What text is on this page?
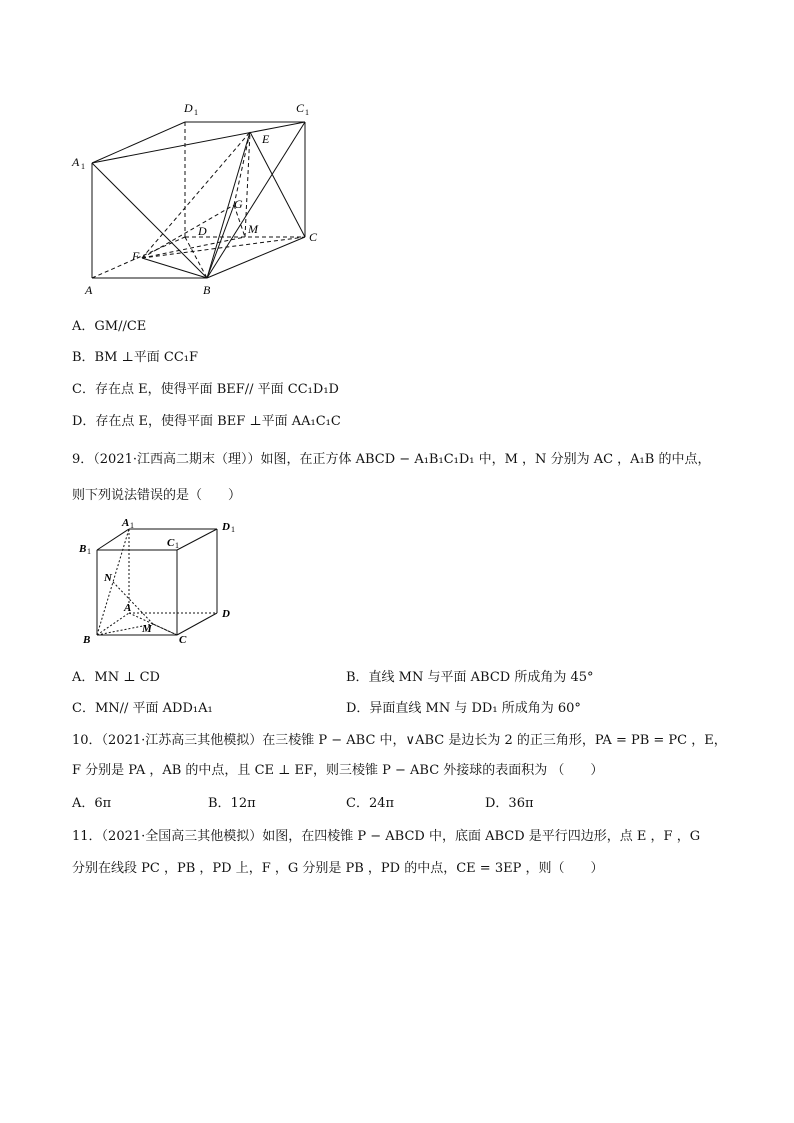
D 1	C 1
A 1
E
G
D	M
C
F
A	B
A．GM//CE
B．BM ⊥平面 CC₁F
C．存在点 E，使得平面 BEF// 平面 CC₁D₁D
D．存在点 E，使得平面 BEF ⊥平面 AA₁C₁C
9．（2021·江西高二期末（理））如图，在正方体 ABCD − A₁B₁C₁D₁ 中，M ，N 分别为 AC ，A₁B 的中点，
则下列说法错误的是（　　）
A 1	D 1
B 1
C 1
N
A	D
M
B	C
A．MN ⊥ CD	B．直线 MN 与平面 ABCD 所成角为 45°
C．MN// 平面 ADD₁A₁	D．异面直线 MN 与 DD₁ 所成角为 60°
10．（2021·江苏高三其他模拟）在三棱锥 P − ABC 中，∨ABC 是边长为 2 的正三角形，PA = PB = PC ，E，
F 分别是 PA ，AB 的中点，且 CE ⊥ EF，则三棱锥 P − ABC 外接球的表面积为 （　　）
A．6π	B．12π	C．24π	D．36π
11．（2021·全国高三其他模拟）如图，在四棱锥 P − ABCD 中，底面 ABCD 是平行四边形，点 E ，F ，G
分别在线段 PC ，PB ，PD 上，F ，G 分别是 PB ，PD 的中点，CE = 3EP ，则（　　）
